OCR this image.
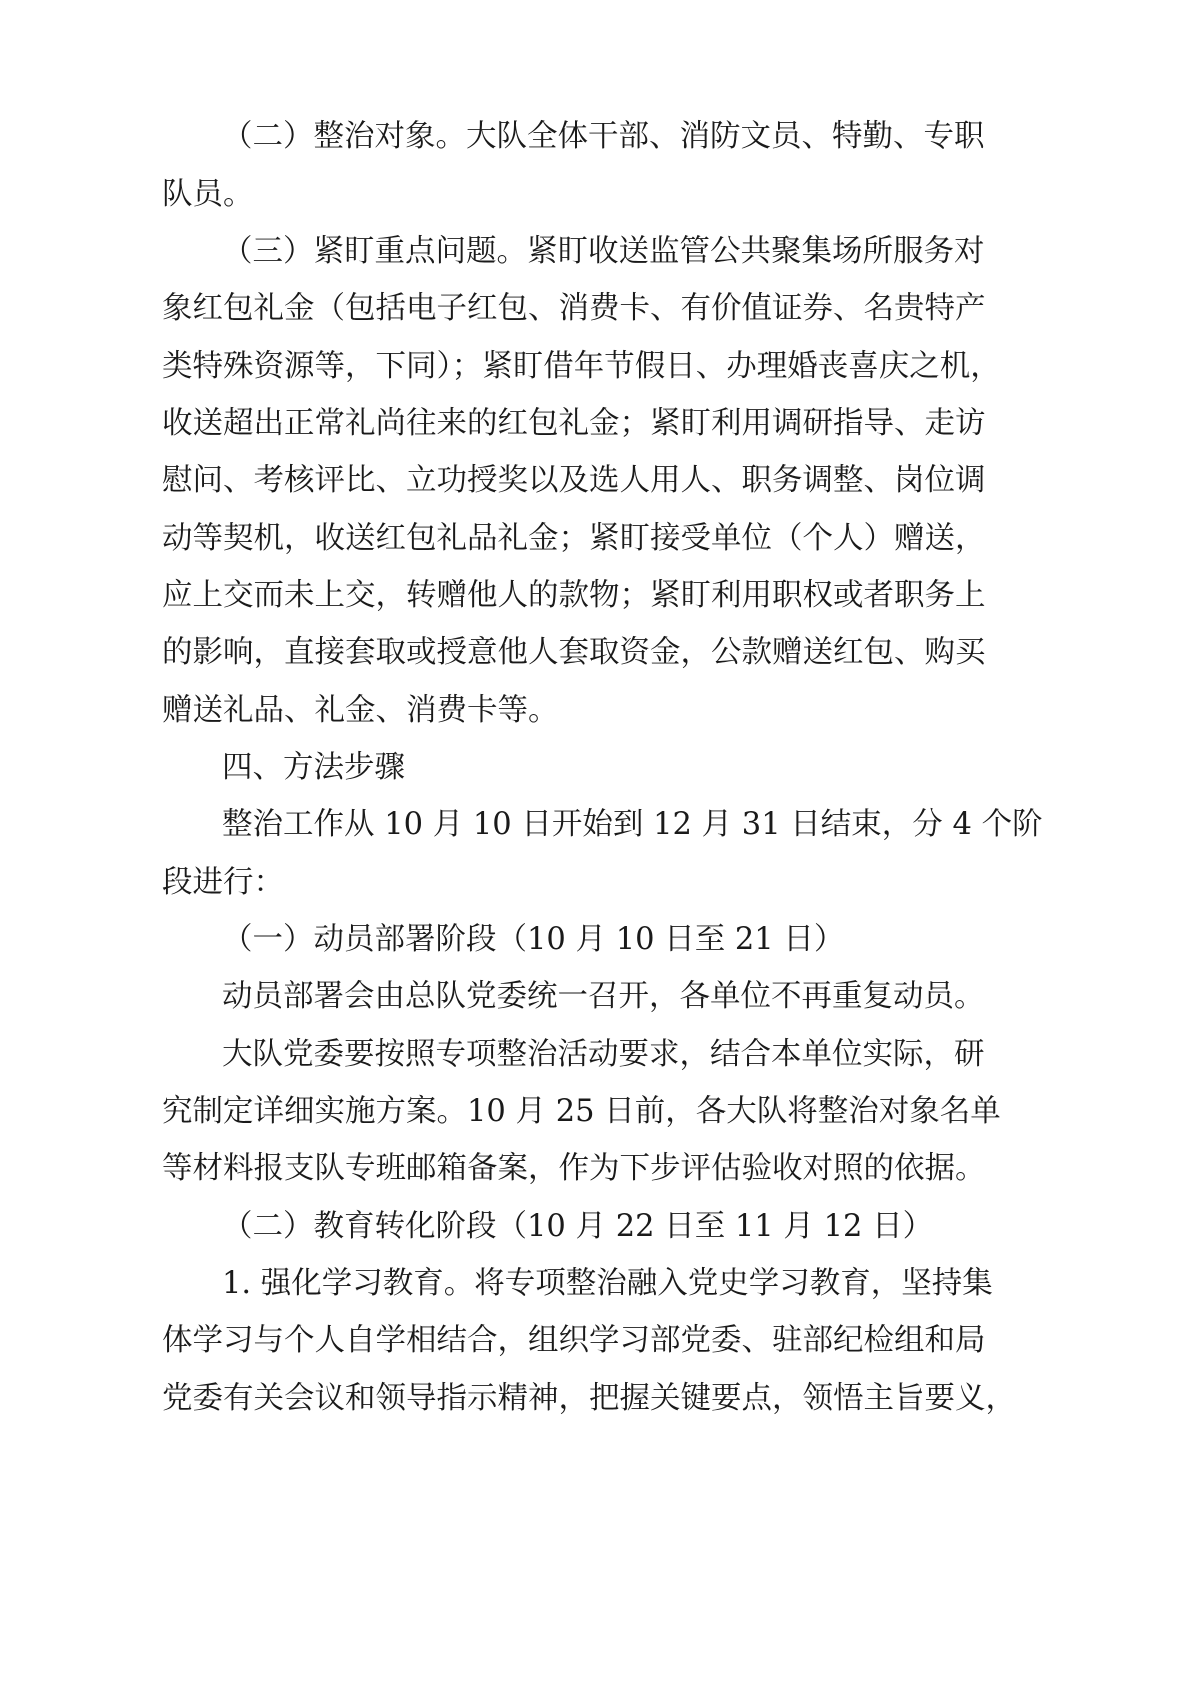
（二）整治对象。大队全体干部、消防文员、特勤、专职
队员。
（三）紧盯重点问题。紧盯收送监管公共聚集场所服务对
象红包礼金（包括电子红包、消费卡、有价值证券、名贵特产
类特殊资源等，下同）；紧盯借年节假日、办理婚丧喜庆之机，
收送超出正常礼尚往来的红包礼金；紧盯利用调研指导、走访
慰问、考核评比、立功授奖以及选人用人、职务调整、岗位调
动等契机，收送红包礼品礼金；紧盯接受单位（个人）赠送，
应上交而未上交，转赠他人的款物；紧盯利用职权或者职务上
的影响，直接套取或授意他人套取资金，公款赠送红包、购买
赠送礼品、礼金、消费卡等。
四、方法步骤
整治工作从 10 月 10 日开始到 12 月 31 日结束，分 4 个阶
段进行：
（一）动员部署阶段（10 月 10 日至 21 日）
动员部署会由总队党委统一召开，各单位不再重复动员。
大队党委要按照专项整治活动要求，结合本单位实际，研
究制定详细实施方案。10 月 25 日前，各大队将整治对象名单
等材料报支队专班邮箱备案，作为下步评估验收对照的依据。
（二）教育转化阶段（10 月 22 日至 11 月 12 日）
1. 强化学习教育。将专项整治融入党史学习教育，坚持集
体学习与个人自学相结合，组织学习部党委、驻部纪检组和局
党委有关会议和领导指示精神，把握关键要点，领悟主旨要义，
